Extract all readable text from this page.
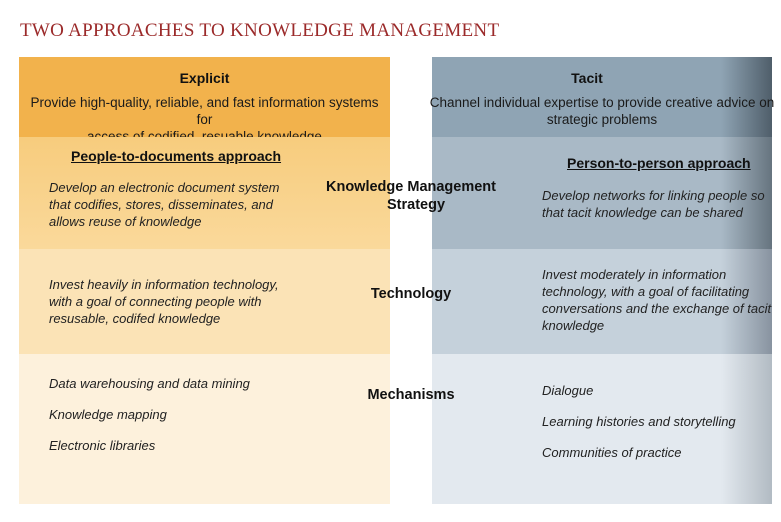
TWO APPROACHES TO KNOWLEDGE MANAGEMENT
Explicit
Provide high-quality, reliable, and fast information systems for
People-to-documents approach
Develop an electronic document system
that codifies, stores, disseminates, and
allows reuse of knowledge
Invest heavily in information technology,
with a goal of connecting people with
resusable, codifed knowledge
Data warehousing and data mining
Knowledge mapping
Electronic libraries
Tacit
Channel individual expertise to provide creative advice on
strategic problems
Person-to-person approach
Develop networks for linking people so
that tacit knowledge can be shared
Invest moderately in information
technology, with a goal of facilitating
conversations and the exchange of tacit
knowledge
Dialogue
Learning histories and storytelling
Communities of practice
Knowledge Management
Strategy
Technology
Mechanisms
